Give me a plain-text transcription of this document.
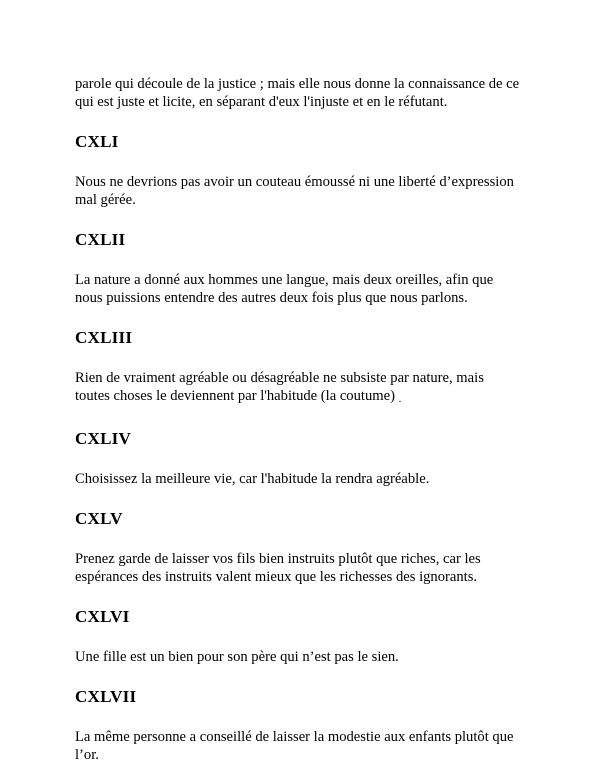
parole qui découle de la justice ; mais elle nous donne la connaissance de ce
qui est juste et licite, en séparant d'eux l'injuste et en le réfutant.

CXLI

Nous ne devrions pas avoir un couteau émoussé ni une liberté d’expression
mal gérée.

CXLII

La nature a donné aux hommes une langue, mais deux oreilles, afin que
nous puissions entendre des autres deux fois plus que nous parlons.

CXLIII

Rien de vraiment agréable ou désagréable ne subsiste par nature, mais
toutes choses le deviennent par l'habitude (la coutume) .

CXLIV

Choisissez la meilleure vie, car l'habitude la rendra agréable.

CXLV

Prenez garde de laisser vos fils bien instruits plutôt que riches, car les
espérances des instruits valent mieux que les richesses des ignorants.

CXLVI

Une fille est un bien pour son père qui n’est pas le sien.

CXLVII

La même personne a conseillé de laisser la modestie aux enfants plutôt que
l’or.
